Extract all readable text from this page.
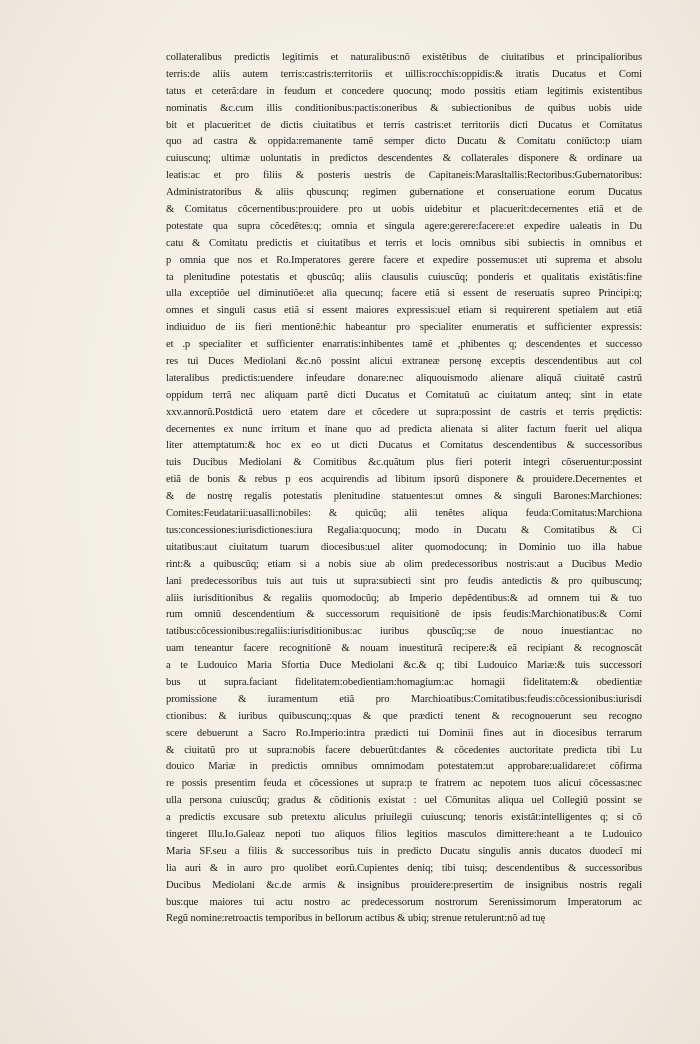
collateralibus predictis legitimis et naturalibus:nõ existẽtibus de ciuitatibus et principalioribus
terris:de aliis autem terris:castris:territoriis et uillis:rocchis:oppidis:& itratis Ducatus et Comi
tatus et ceterã:dare in feudum et concedere quocunq; modo possitis etiam legitimis existentibus
nominatis &c.cum illis conditionibus:pactis:oneribus & subiectionibus de quibus uobis uide
bit et placuerit:et de dictis ciuitatibus et terris castris:et territoriis dicti Ducatus et Comitatus
quo ad castra & oppida:remanente tamẽ semper dicto Ducatu & Comitatu coniũcto:p uiam
cuiuscunq; ultimæ uoluntatis in predictos descendentes & collaterales disponere & ordinare ua
leatis:ac et pro filiis & posteris uestris de Capitaneis:Marasltallis:Rectoribus:Gubernatoribus:
Administratoribus & aliis qbuscunq; regimen gubernatione et conseruatione eorum Ducatus
& Comitatus cõcernentibus:prouidere pro ut uobis uidebitur et placuerit:decernentes etiã et de
potestate qua supra cõcedẽtes:q; omnia et singula agere:gerere:facere:et expedire ualeatis in Du
catu & Comitatu predictis et ciuitatibus et terris et locis omnibus sibi subiectis in omnibus et
p omnia que nos et Ro.Imperatores gerere facere et expedire possemus:et uti suprema et absolu
ta plenitudine potestatis et qbuscũq; aliis clausulis cuiuscũq; ponderis et qualitatis existãtis:fine
ulla exceptiõe uel diminutiõe:et alia quecunq; facere etiã si essent de reseruatis supreo Principi:q;
omnes et singuli casus etiã si essent maiores expressis:uel etiam si requirerent spetialem aut etiã
indiuiduo de iis fieri mentionẽ:hic habeantur pro specialiter enumeratis et sufficienter expressis:
et .p specialiter et sufficienter enarratis:inhibentes tamẽ et ,phibentes q; descendentes et successo
res tui Duces Mediolani &c.nõ possint alicui extraneæ personę exceptis descendentibus aut col
lateralibus predictis:uendere infeudare donare:nec aliquouismodo alienare aliquã ciuitatẽ castrũ
oppidum terrã nec aliquam partẽ dicti Ducatus et Comitatuũ ac ciuitatum anteq; sint in etate
xxv.annorũ.Postdictã uero etatem dare et cõcedere ut supra:possint de castris et terris prędictis:
decernentes ex nunc irritum et inane quo ad predicta alienata si aliter factum fuerit uel aliqua
liter attemptatum:& hoc ex eo ut dicti Ducatus et Comitatus descendentibus & successoribus
tuis Ducibus Mediolani & Comitibus &c.quãtum plus fieri poterit integri cõseruentur:possint
etiã de bonis & rebus p eos acquirendis ad libitum ipsorũ disponere & prouidere.Decernentes et
& de nostrę regalis potestatis plenitudine statuentes:ut omnes & singuli Barones:Marchiones:
Comites:Feudatarii:uasalli:nobiles: & quicũq; alii tenẽtes aliqua feuda:Comitatus:Marchiona
tus:concessiones:iurisdictiones:iura Regalia:quocunq; modo in Ducatu & Comitatibus & Ci
uitatibus:aut ciuitatum tuarum diocesibus:uel aliter quomodocunq; in Dominio tuo illa habue
rint:& a quibuscũq; etiam si a nobis siue ab olim predecessoribus nostris:aut a Ducibus Medio
lani predecessoribus tuis aut tuis ut supra:subiecti sint pro feudis antedictis & pro quibuscunq;
aliis iurisditionibus & regaliis quomodocũq; ab Imperio depẽdentibus:& ad omnem tui & tuo
rum omniũ descendentium & successorum requisitionẽ de ipsis feudis:Marchionatibus:& Comi
tatibus:cõcessionibus:regaliis:iurisditionibus:ac iuribus qbuscũq;:se de nouo inuestiant:ac no
uam teneantur facere recognitionẽ & nouam inuestiturã recipere:& eã recipiant & recognoscãt
a te Ludouico Maria Sfortia Duce Mediolani &c.& q; tibi Ludouico Mariæ:& tuis successori
bus ut supra.faciant fidelitatem:obedientiam:homagium:ac homagii fidelitatem:& obedientiæ
promissione & iuramentum etiã pro Marchioatibus:Comitatibus:feudis:cõcessionibus:iurisdi
ctionibus: & iuribus quibuscunq;:quas & que prædicti tenent & recognouerunt seu recogno
scere debuerunt a Sacro Ro.Imperio:intra prædicti tui Dominii fines aut in diocesibus terrarum
& ciuitatũ pro ut supra:nobis facere debuerũt:dantes & cõcedentes auctoritate predicta tibi Lu
douico Mariæ in predictis omnibus omnimodam potestatem:ut approbare:ualidare:et cõfirma
re possis presentim feuda et cõcessiones ut supra:p te fratrem ac nepotem tuos alicui cõcessas:nec
ulla persona cuiuscũq; gradus & cõditionis existat : uel Cõmunitas aliqua uel Collegiũ possint se
a predictis excusare sub pretextu aliculus priuilegii cuiuscunq; tenoris existãt:intelligentes q; si cõ
tingeret Illu.Io.Galeaz nepoti tuo aliquos filios legitios masculos dimittere:heant a te Ludouico
Maria SF.seu a filiis & successoribus tuis in predicto Ducatu singulis annis ducatos duodecĩ mi
lia auri & in auro pro quolibet eorũ.Cupientes deniq; tibi tuisq; descendentibus & successoribus
Ducibus Mediolani &c.de armis & insignibus prouidere:presertim de insignibus nostris regali
bus:que maiores tui actu nostro ac predecessorum nostrorum Serenissimorum Imperatorum ac
Regũ nomine:retroactis temporibus in bellorum actibus & ubiq; strenue retulerunt:nõ ad tuę
